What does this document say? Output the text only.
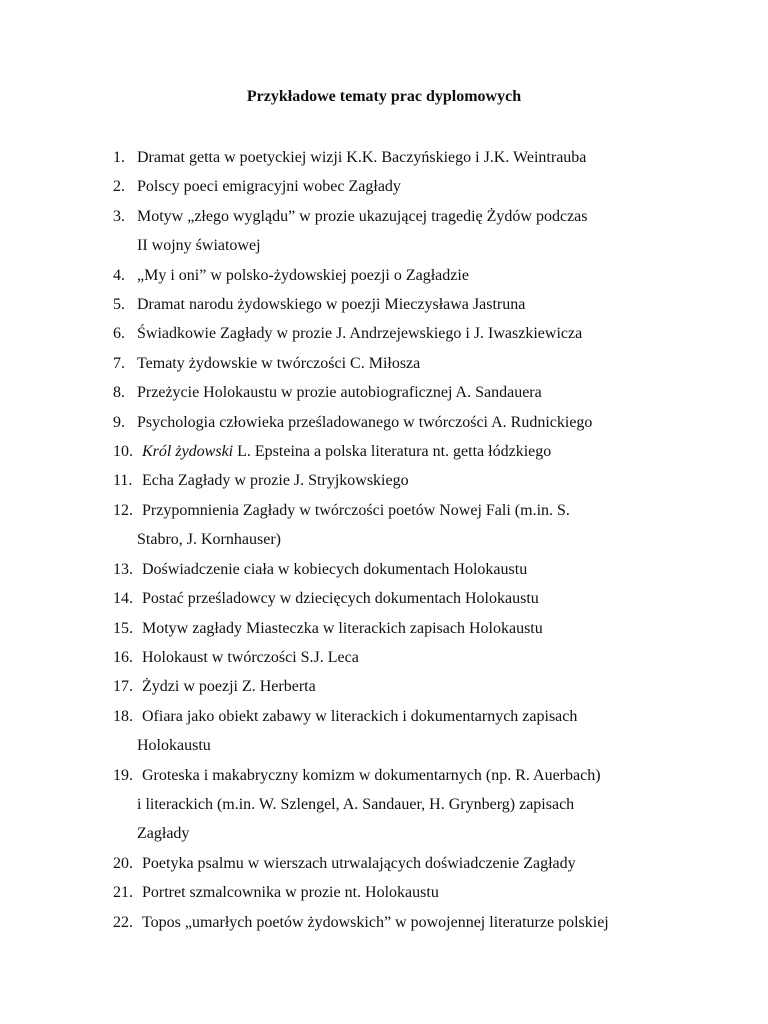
Przykładowe tematy prac dyplomowych
1. Dramat getta w poetyckiej wizji K.K. Baczyńskiego i J.K. Weintrauba
2. Polscy poeci emigracyjni wobec Zagłady
3. Motyw „złego wyglądu” w prozie ukazującej tragedię Żydów podczas
II wojny światowej
4. „My i oni” w polsko-żydowskiej poezji o Zagładzie
5. Dramat narodu żydowskiego w poezji Mieczysława Jastruna
6. Świadkowie Zagłady w prozie J. Andrzejewskiego i J. Iwaszkiewicza
7. Tematy żydowskie w twórczości C. Miłosza
8. Przeżycie Holokaustu w prozie autobiograficznej A. Sandauera
9. Psychologia człowieka prześladowanego w twórczości A. Rudnickiego
10. Król żydowski L. Epsteina a polska literatura nt. getta łódzkiego
11. Echa Zagłady w prozie J. Stryjkowskiego
12. Przypomnienia Zagłady w twórczości poetów Nowej Fali (m.in. S.
Stabro, J. Kornhauser)
13. Doświadczenie ciała w kobiecych dokumentach Holokaustu
14. Postać prześladowcy w dziecięcych dokumentach Holokaustu
15. Motyw zagłady Miasteczka w literackich zapisach Holokaustu
16. Holokaust w twórczości S.J. Leca
17. Żydzi w poezji Z. Herberta
18. Ofiara jako obiekt zabawy w literackich i dokumentarnych zapisach
Holokaustu
19. Groteska i makabryczny komizm w dokumentarnych (np. R. Auerbach)
i literackich (m.in. W. Szlengel, A. Sandauer, H. Grynberg) zapisach
Zagłady
20. Poetyka psalmu w wierszach utrwalających doświadczenie Zagłady
21. Portret szmalcownika w prozie nt. Holokaustu
22. Topos „umarłych poetów żydowskich” w powojennej literaturze polskiej
